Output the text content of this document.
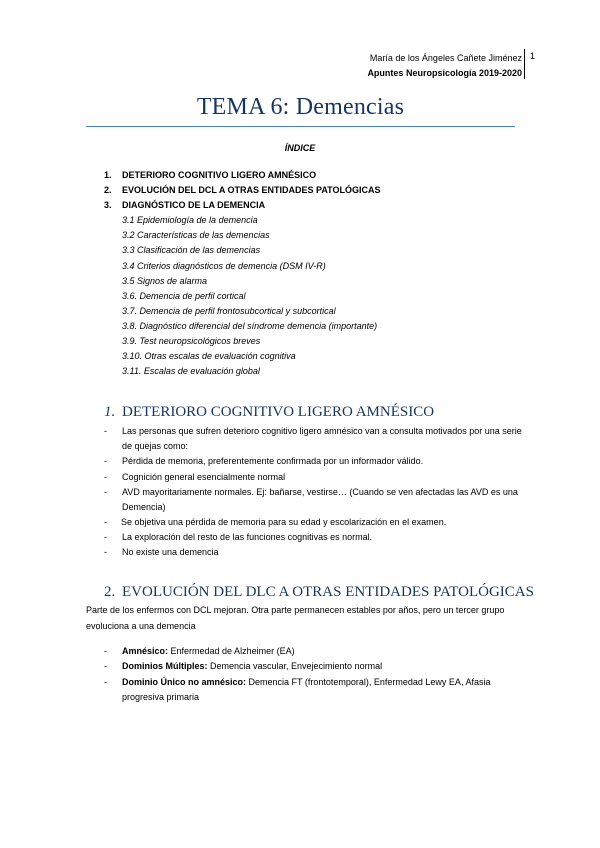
María de los Ángeles Cañete Jiménez
Apuntes Neuropsicología 2019-2020
1
TEMA 6: Demencias
ÍNDICE
1. DETERIORO COGNITIVO LIGERO AMNÉSICO
2. EVOLUCIÓN DEL DCL A OTRAS ENTIDADES PATOLÓGICAS
3. DIAGNÓSTICO DE LA DEMENCIA
3.1 Epidemiología de la demencia
3.2 Características de las demencias
3.3 Clasificación de las demencias
3.4 Criterios diagnósticos de demencia (DSM IV-R)
3.5 Signos de alarma
3.6. Demencia de perfil cortical
3.7. Demencia de perfil frontosubcortical y subcortical
3.8. Diagnóstico diferencial del síndrome demencia (importante)
3.9. Test neuropsicológicos breves
3.10. Otras escalas de evaluación cognitiva
3.11. Escalas de evaluación global
1. DETERIORO COGNITIVO LIGERO AMNÉSICO
- Las personas que sufren deterioro cognitivo ligero amnésico van a consulta motivados por una serie de quejas como:
- Pérdida de memoria, preferentemente confirmada por un informador válido.
- Cognición general esencialmente normal
- AVD mayoritariamente normales. Ej: bañarse, vestirse… (Cuando se ven afectadas las AVD es una Demencia)
- Se objetiva una pérdida de memoria para su edad y escolarización en el examen.
- La exploración del resto de las funciones cognitivas es normal.
- No existe una demencia
2. EVOLUCIÓN DEL DLC A OTRAS ENTIDADES PATOLÓGICAS
Parte de los enfermos con DCL mejoran. Otra parte permanecen estables por años, pero un tercer grupo evoluciona a una demencia
- Amnésico: Enfermedad de Alzheimer (EA)
- Dominios Múltiples: Demencia vascular, Envejecimiento normal
- Dominio Único no amnésico: Demencia FT (frontotemporal), Enfermedad Lewy EA, Afasia progresiva primaria
